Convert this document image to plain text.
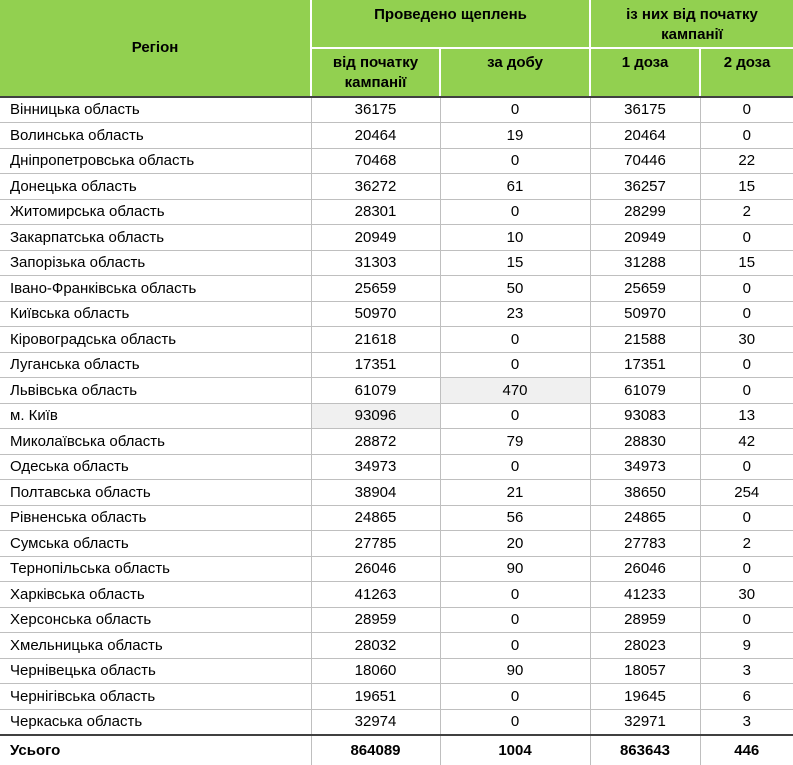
Регіон	Проведено щеплень		із них від початку кампанії	
	від початку кампанії	за добу	1 доза	2 доза
Вінницька область	36175	0	36175	0
Волинська область	20464	19	20464	0
Дніпропетровська область	70468	0	70446	22
Донецька область	36272	61	36257	15
Житомирська область	28301	0	28299	2
Закарпатська область	20949	10	20949	0
Запорізька область	31303	15	31288	15
Івано-Франківська область	25659	50	25659	0
Київська область	50970	23	50970	0
Кіровоградська область	21618	0	21588	30
Луганська область	17351	0	17351	0
Львівська область	61079	470	61079	0
м. Київ	93096	0	93083	13
Миколаївська область	28872	79	28830	42
Одеська область	34973	0	34973	0
Полтавська область	38904	21	38650	254
Рівненська область	24865	56	24865	0
Сумська область	27785	20	27783	2
Тернопільська область	26046	90	26046	0
Харківська область	41263	0	41233	30
Херсонська область	28959	0	28959	0
Хмельницька область	28032	0	28023	9
Чернівецька область	18060	90	18057	3
Чернігівська область	19651	0	19645	6
Черкаська область	32974	0	32971	3
Усього	864089	1004	863643	446
